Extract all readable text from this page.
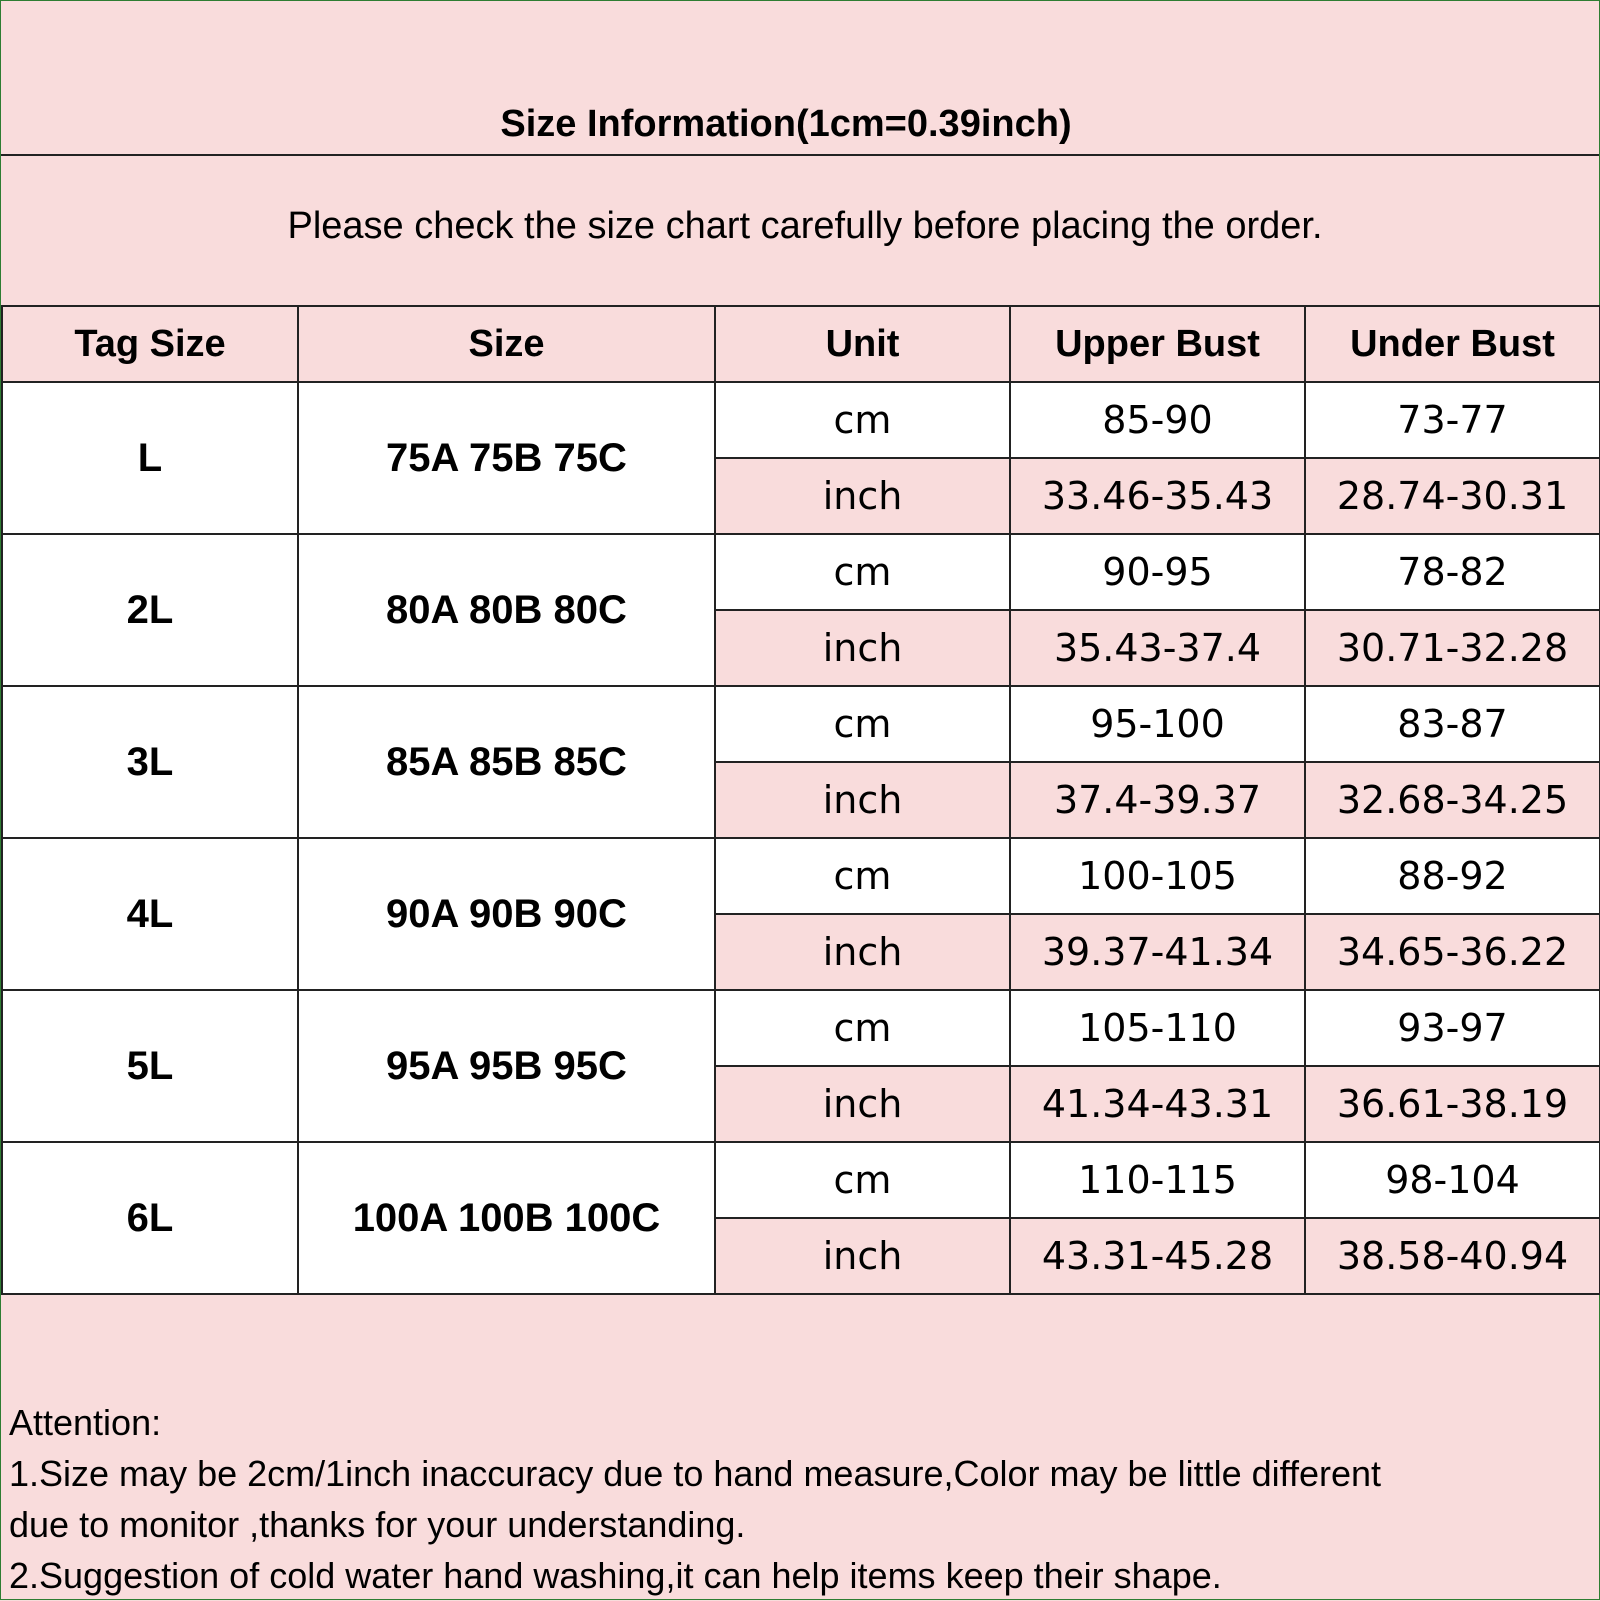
Size Information(1cm=0.39inch)
Please check the size chart carefully before placing the order.
Tag Size	Size	Unit	Upper Bust	Under Bust
L	75A 75B 75C	cm	85-90	73-77
		inch	33.46-35.43	28.74-30.31
2L	80A 80B 80C	cm	90-95	78-82
		inch	35.43-37.4	30.71-32.28
3L	85A 85B 85C	cm	95-100	83-87
		inch	37.4-39.37	32.68-34.25
4L	90A 90B 90C	cm	100-105	88-92
		inch	39.37-41.34	34.65-36.22
5L	95A 95B 95C	cm	105-110	93-97
		inch	41.34-43.31	36.61-38.19
6L	100A 100B 100C	cm	110-115	98-104
		inch	43.31-45.28	38.58-40.94

Attention:

1.Size may be 2cm/1inch inaccuracy due to hand measure,Color may be little different

due to monitor ,thanks for your understanding.

2.Suggestion of cold water hand washing,it can help items keep their shape.
